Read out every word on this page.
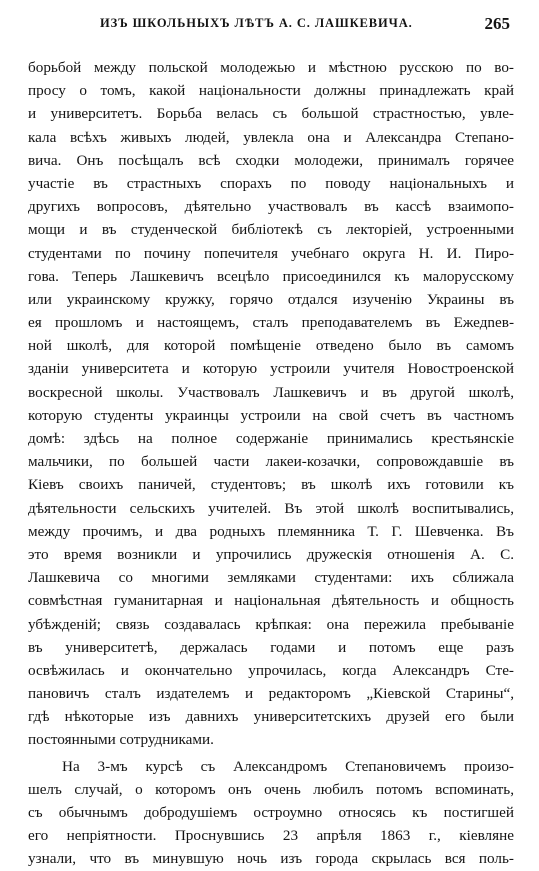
ИЗЪ ШКОЛЬНЫХЪ ЛѢТЪ А. С. ЛАШКЕВИЧА.	265
борьбой между польской молодежью и мѣстною русскою по во-
просу о томъ, какой національности должны принадлежать край
и университетъ. Борьба велась съ большой страстностью, увле-
кала всѣхъ живыхъ людей, увлекла она и Александра Степано-
вича. Онъ посѣщалъ всѣ сходки молодежи, принималъ горячее
участіе въ страстныхъ спорахъ по поводу національныхъ и
другихъ вопросовъ, дѣятельно участвовалъ въ кассѣ взаимопо-
мощи и въ студенческой библіотекѣ съ лекторіей, устроенными
студентами по почину попечителя учебнаго округа Н. И. Пиро-
гова. Теперь Лашкевичъ всецѣло присоединился къ малорусскому
или украинскому кружку, горячо отдался изученію Украины въ
ея прошломъ и настоящемъ, сталъ преподавателемъ въ Ежедnев-
ной школѣ, для которой помѣщеніе отведено было въ самомъ
зданіи университета и которую устроили учителя Новостроенской
воскресной школы. Участвовалъ Лашкевичъ и въ другой школѣ,
которую студенты украинцы устроили на свой счетъ въ частномъ
домѣ: здѣсь на полное содержаніе принимались крестьянскіе
мальчики, по большей части лакеи-козачки, сопровождавшіе въ
Кіевъ своихъ паничей, студентовъ; въ школѣ ихъ готовили къ
дѣятельности сельскихъ учителей. Въ этой школѣ воспитывались,
между прочимъ, и два родныхъ племянника Т. Г. Шевченка. Въ
это время возникли и упрочились дружескія отношенія А. С.
Лашкевича со многими земляками студентами: ихъ сближала
совмѣстная гуманитарная и національная дѣятельность и общность
убѣжденій; связь создавалась крѣпкая: она пережила пребываніе
въ университетѣ, держалась годами и потомъ еще разъ
освѣжилась и окончательно упрочилась, когда Александръ Сте-
пановичъ сталъ издателемъ и редакторомъ „Кіевской Старины“,
гдѣ нѣкоторые изъ давнихъ университетскихъ друзей его были
постоянными сотрудниками.
На 3-мъ курсѣ съ Александромъ Степановичемъ произо-
шелъ случай, о которомъ онъ очень любилъ потомъ вспоминать,
съ обычнымъ добродушіемъ остроумно относясь къ постигшей
его непріятности. Проснувшись 23 апрѣля 1863 г., кіевляне
узнали, что въ минувшую ночь изъ города скрылась вся поль-
